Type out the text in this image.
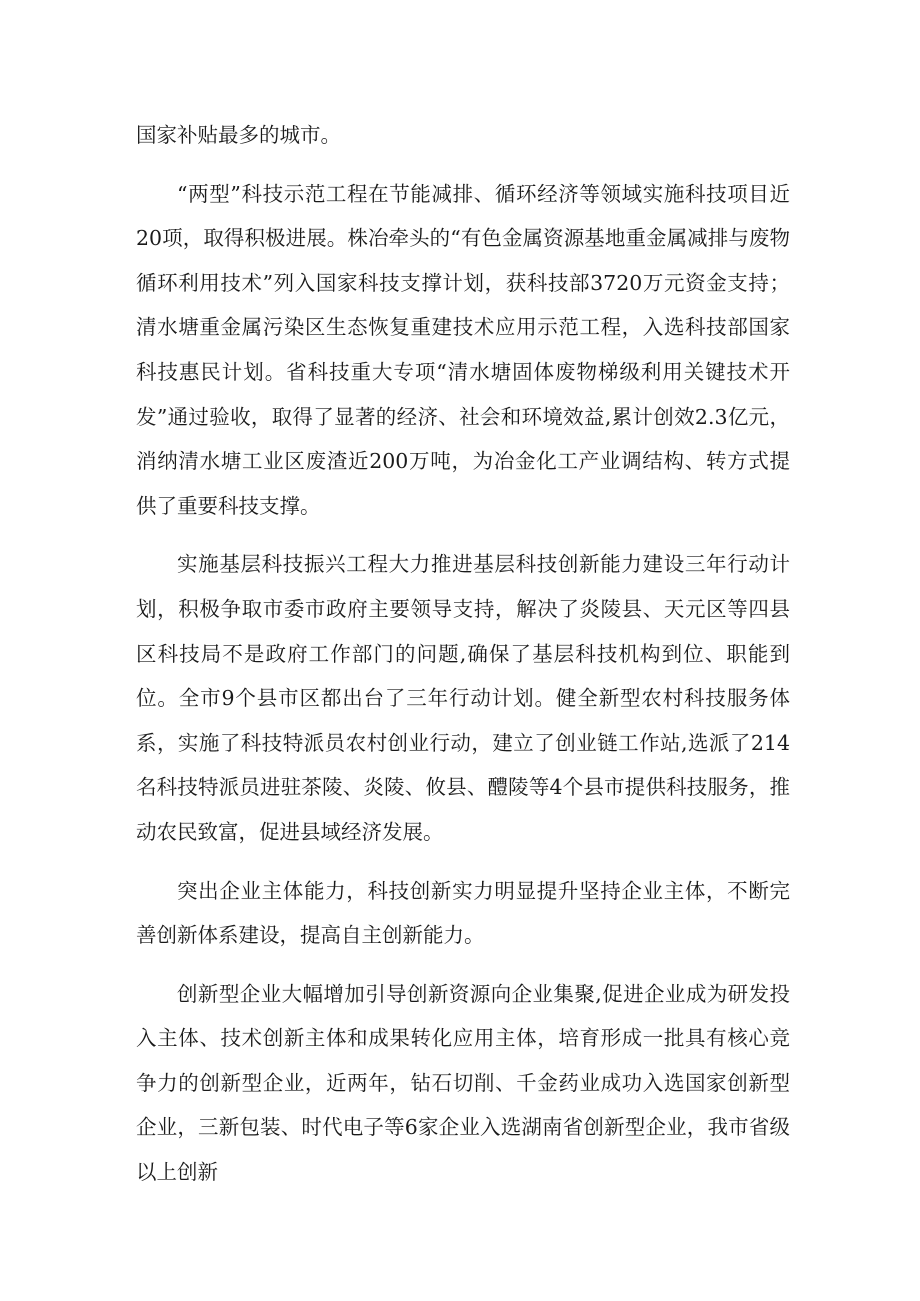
国家补贴最多的城市。

“两型”科技示范工程在节能减排、循环经济等领域实施科技项目近20项，取得积极进展。株冶牵头的“有色金属资源基地重金属减排与废物循环利用技术”列入国家科技支撑计划，获科技部3720万元资金支持；清水塘重金属污染区生态恢复重建技术应用示范工程，入选科技部国家科技惠民计划。省科技重大专项“清水塘固体废物梯级利用关键技术开发”通过验收，取得了显著的经济、社会和环境效益,累计创效2.3亿元，消纳清水塘工业区废渣近200万吨，为冶金化工产业调结构、转方式提供了重要科技支撑。

实施基层科技振兴工程大力推进基层科技创新能力建设三年行动计划，积极争取市委市政府主要领导支持，解决了炎陵县、天元区等四县区科技局不是政府工作部门的问题,确保了基层科技机构到位、职能到位。全市9个县市区都出台了三年行动计划。健全新型农村科技服务体系，实施了科技特派员农村创业行动，建立了创业链工作站,选派了214名科技特派员进驻茶陵、炎陵、攸县、醴陵等4个县市提供科技服务，推动农民致富，促进县域经济发展。

突出企业主体能力，科技创新实力明显提升坚持企业主体，不断完善创新体系建设，提高自主创新能力。

创新型企业大幅增加引导创新资源向企业集聚,促进企业成为研发投入主体、技术创新主体和成果转化应用主体，培育形成一批具有核心竞争力的创新型企业，近两年，钻石切削、千金药业成功入选国家创新型企业，三新包装、时代电子等6家企业入选湖南省创新型企业，我市省级以上创新
